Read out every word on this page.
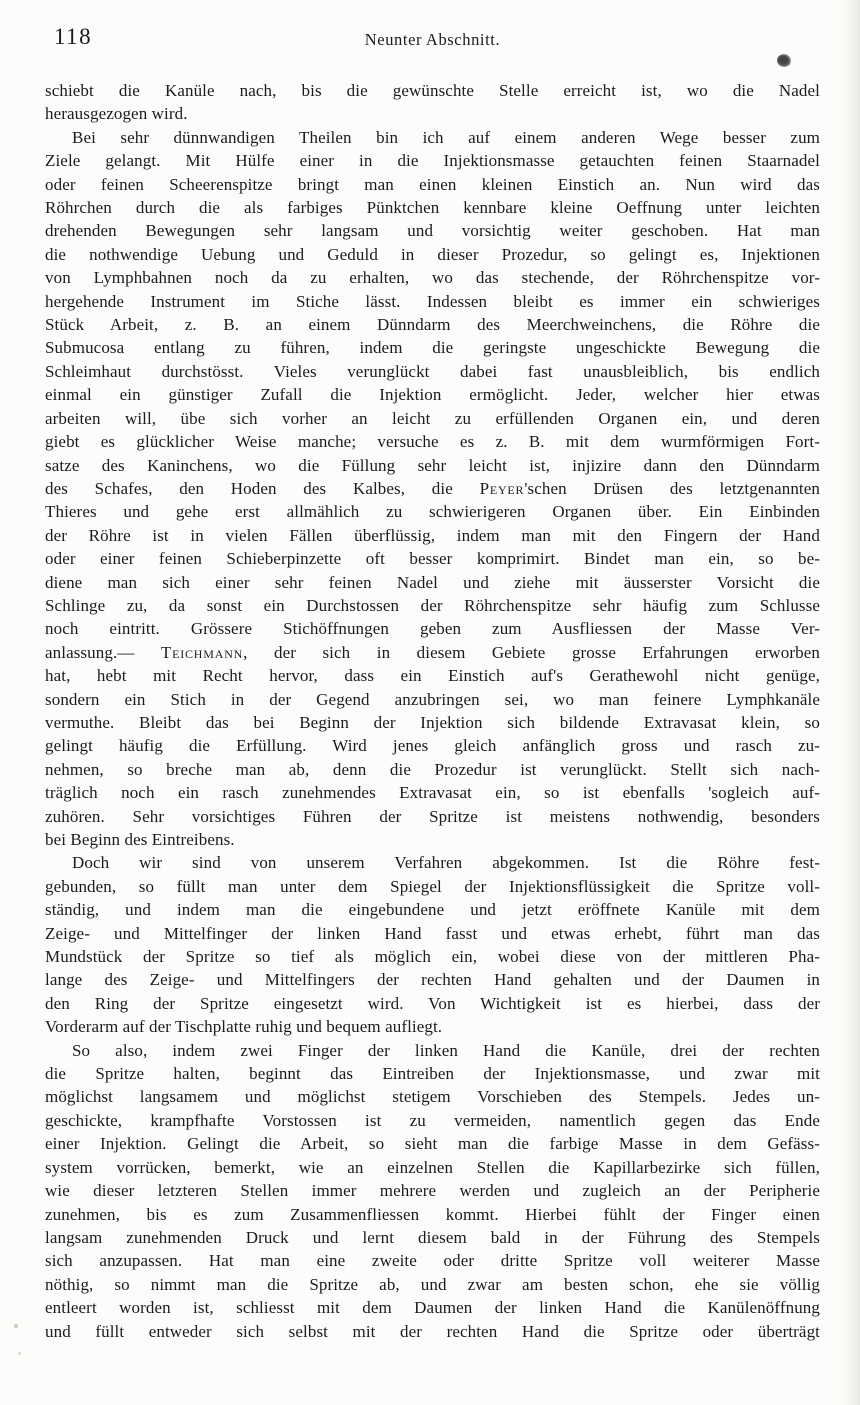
118	Neunter Abschnitt.
schiebt die Kanüle nach, bis die gewünschte Stelle erreicht ist, wo die Nadel
herausgezogen wird.
Bei sehr dünnwandigen Theilen bin ich auf einem anderen Wege besser zum
Ziele gelangt. Mit Hülfe einer in die Injektionsmasse getauchten feinen Staarnadel
oder feinen Scheerenspitze bringt man einen kleinen Einstich an. Nun wird das
Röhrchen durch die als farbiges Pünktchen kennbare kleine Oeffnung unter leichten
drehenden Bewegungen sehr langsam und vorsichtig weiter geschoben. Hat man
die nothwendige Uebung und Geduld in dieser Prozedur, so gelingt es, Injektionen
von Lymphbahnen noch da zu erhalten, wo das stechende, der Röhrchenspitze vor-
hergehende Instrument im Stiche lässt. Indessen bleibt es immer ein schwieriges
Stück Arbeit, z. B. an einem Dünndarm des Meerchweinchens, die Röhre die
Submucosa entlang zu führen, indem die geringste ungeschickte Bewegung die
Schleimhaut durchstösst. Vieles verunglückt dabei fast unausbleiblich, bis endlich
einmal ein günstiger Zufall die Injektion ermöglicht. Jeder, welcher hier etwas
arbeiten will, übe sich vorher an leicht zu erfüllenden Organen ein, und deren
giebt es glücklicher Weise manche; versuche es z. B. mit dem wurmförmigen Fort-
satze des Kaninchens, wo die Füllung sehr leicht ist, injizire dann den Dünndarm
des Schafes, den Hoden des Kalbes, die Peyer'schen Drüsen des letztgenannten
Thieres und gehe erst allmählich zu schwierigeren Organen über. Ein Einbinden
der Röhre ist in vielen Fällen überflüssig, indem man mit den Fingern der Hand
oder einer feinen Schieberpinzette oft besser komprimirt. Bindet man ein, so be-
diene man sich einer sehr feinen Nadel und ziehe mit äusserster Vorsicht die
Schlinge zu, da sonst ein Durchstossen der Röhrchenspitze sehr häufig zum Schlusse
noch eintritt. Grössere Stichöffnungen geben zum Ausfliessen der Masse Ver-
anlassung.— Teichmann, der sich in diesem Gebiete grosse Erfahrungen erworben
hat, hebt mit Recht hervor, dass ein Einstich auf's Gerathewohl nicht genüge,
sondern ein Stich in der Gegend anzubringen sei, wo man feinere Lymphkanäle
vermuthe. Bleibt das bei Beginn der Injektion sich bildende Extravasat klein, so
gelingt häufig die Erfüllung. Wird jenes gleich anfänglich gross und rasch zu-
nehmen, so breche man ab, denn die Prozedur ist verunglückt. Stellt sich nach-
träglich noch ein rasch zunehmendes Extravasat ein, so ist ebenfalls 'sogleich auf-
zuhören. Sehr vorsichtiges Führen der Spritze ist meistens nothwendig, besonders
bei Beginn des Eintreibens.
Doch wir sind von unserem Verfahren abgekommen. Ist die Röhre fest-
gebunden, so füllt man unter dem Spiegel der Injektionsflüssigkeit die Spritze voll-
ständig, und indem man die eingebundene und jetzt eröffnete Kanüle mit dem
Zeige- und Mittelfinger der linken Hand fasst und etwas erhebt, führt man das
Mundstück der Spritze so tief als möglich ein, wobei diese von der mittleren Pha-
lange des Zeige- und Mittelfingers der rechten Hand gehalten und der Daumen in
den Ring der Spritze eingesetzt wird. Von Wichtigkeit ist es hierbei, dass der
Vorderarm auf der Tischplatte ruhig und bequem aufliegt.
So also, indem zwei Finger der linken Hand die Kanüle, drei der rechten
die Spritze halten, beginnt das Eintreiben der Injektionsmasse, und zwar mit
möglichst langsamem und möglichst stetigem Vorschieben des Stempels. Jedes un-
geschickte, krampfhafte Vorstossen ist zu vermeiden, namentlich gegen das Ende
einer Injektion. Gelingt die Arbeit, so sieht man die farbige Masse in dem Gefäss-
system vorrücken, bemerkt, wie an einzelnen Stellen die Kapillarbezirke sich füllen,
wie dieser letzteren Stellen immer mehrere werden und zugleich an der Peripherie
zunehmen, bis es zum Zusammenfliessen kommt. Hierbei fühlt der Finger einen
langsam zunehmenden Druck und lernt diesem bald in der Führung des Stempels
sich anzupassen. Hat man eine zweite oder dritte Spritze voll weiterer Masse
nöthig, so nimmt man die Spritze ab, und zwar am besten schon, ehe sie völlig
entleert worden ist, schliesst mit dem Daumen der linken Hand die Kanülenöffnung
und füllt entweder sich selbst mit der rechten Hand die Spritze oder überträgt
